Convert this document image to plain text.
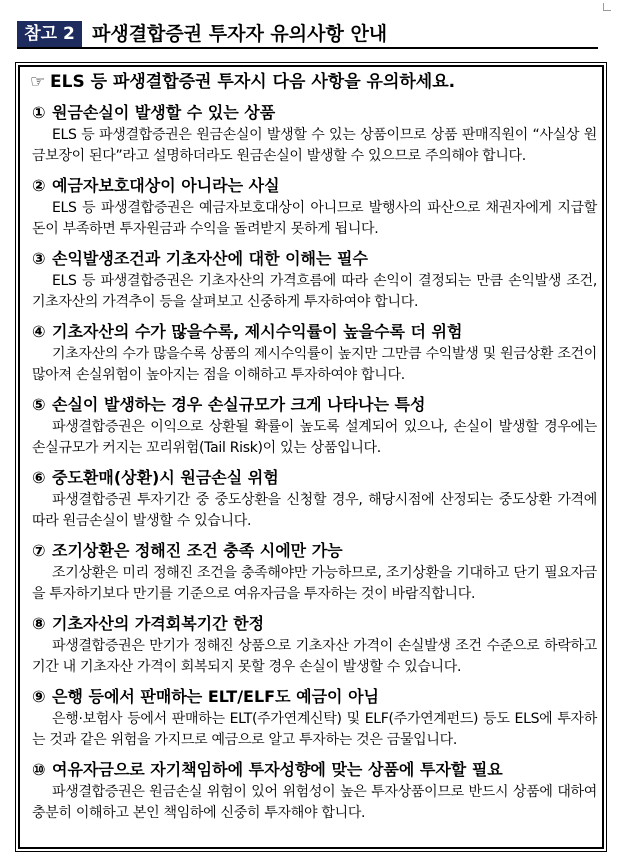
참고 2 파생결합증권 투자자 유의사항 안내
☞ ELS 등 파생결합증권 투자시 다음 사항을 유의하세요.
① 원금손실이 발생할 수 있는 상품

ELS 등 파생결합증권은 원금손실이 발생할 수 있는 상품이므로 상품 판매직원이 “사실상 원금보장이 된다”라고 설명하더라도 원금손실이 발생할 수 있으므로 주의해야 합니다.

② 예금자보호대상이 아니라는 사실

ELS 등 파생결합증권은 예금자보호대상이 아니므로 발행사의 파산으로 채권자에게 지급할 돈이 부족하면 투자원금과 수익을 돌려받지 못하게 됩니다.

③ 손익발생조건과 기초자산에 대한 이해는 필수

ELS 등 파생결합증권은 기초자산의 가격흐름에 따라 손익이 결정되는 만큼 손익발생 조건, 기초자산의 가격추이 등을 살펴보고 신중하게 투자하여야 합니다.

④ 기초자산의 수가 많을수록, 제시수익률이 높을수록 더 위험

기초자산의 수가 많을수록 상품의 제시수익률이 높지만 그만큼 수익발생 및 원금상환 조건이 많아져 손실위험이 높아지는 점을 이해하고 투자하여야 합니다.

⑤ 손실이 발생하는 경우 손실규모가 크게 나타나는 특성

파생결합증권은 이익으로 상환될 확률이 높도록 설계되어 있으나, 손실이 발생할 경우에는 손실규모가 커지는 꼬리위험(Tail Risk)이 있는 상품입니다.

⑥ 중도환매(상환)시 원금손실 위험

파생결합증권 투자기간 중 중도상환을 신청할 경우, 해당시점에 산정되는 중도상환 가격에 따라 원금손실이 발생할 수 있습니다.

⑦ 조기상환은 정해진 조건 충족 시에만 가능

조기상환은 미리 정해진 조건을 충족해야만 가능하므로, 조기상환을 기대하고 단기 필요자금을 투자하기보다 만기를 기준으로 여유자금을 투자하는 것이 바람직합니다.

⑧ 기초자산의 가격회복기간 한정

파생결합증권은 만기가 정해진 상품으로 기초자산 가격이 손실발생 조건 수준으로 하락하고 기간 내 기초자산 가격이 회복되지 못할 경우 손실이 발생할 수 있습니다.

⑨ 은행 등에서 판매하는 ELT/ELF도 예금이 아님

은행·보험사 등에서 판매하는 ELT(주가연계신탁) 및 ELF(주가연계펀드) 등도 ELS에 투자하는 것과 같은 위험을 가지므로 예금으로 알고 투자하는 것은 금물입니다.

⑩ 여유자금으로 자기책임하에 투자성향에 맞는 상품에 투자할 필요

파생결합증권은 원금손실 위험이 있어 위험성이 높은 투자상품이므로 반드시 상품에 대하여 충분히 이해하고 본인 책임하에 신중히 투자해야 합니다.
